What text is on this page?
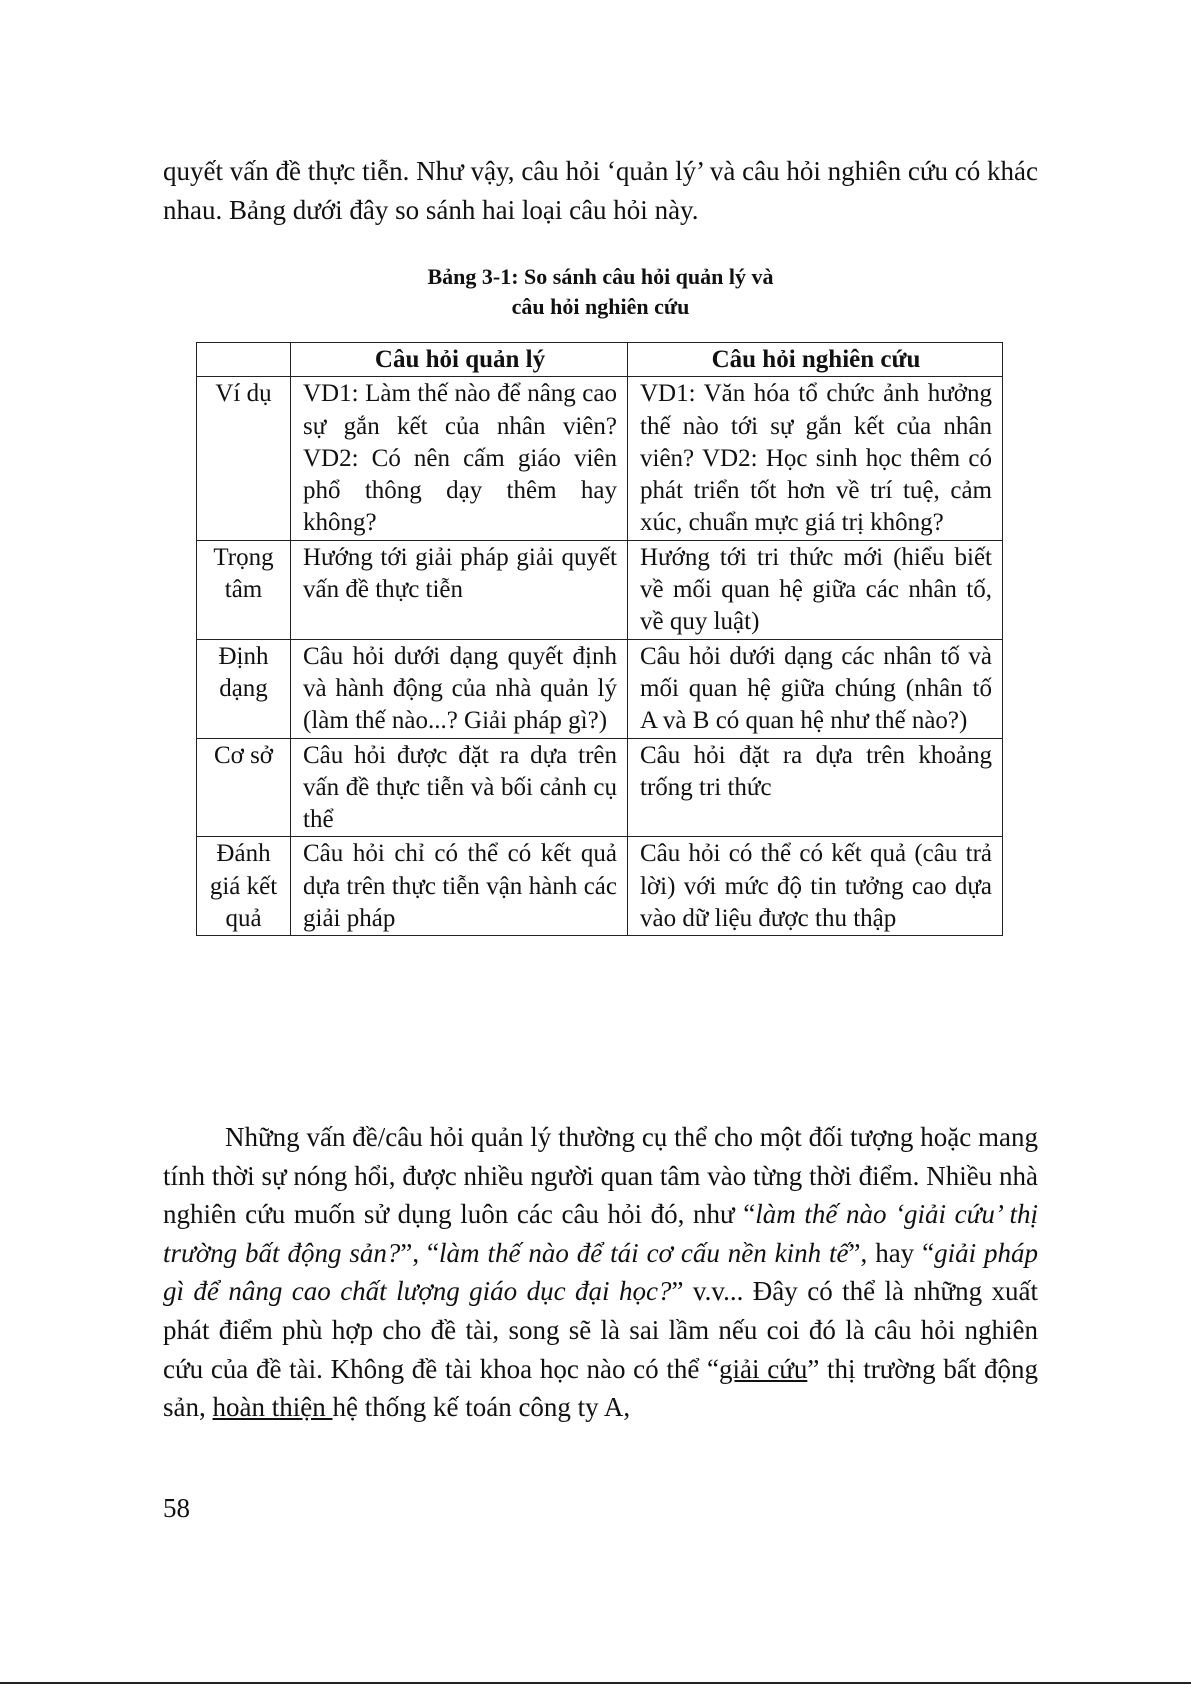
quyết vấn đề thực tiễn. Như vậy, câu hỏi ‘quản lý’ và câu hỏi nghiên cứu có khác nhau. Bảng dưới đây so sánh hai loại câu hỏi này.

Bảng 3-1: So sánh câu hỏi quản lý và
câu hỏi nghiên cứu
	Câu hỏi quản lý	Câu hỏi nghiên cứu
Ví dụ	VD1: Làm thế nào để nâng cao sự gắn kết của nhân viên? VD2: Có nên cấm giáo viên phổ thông dạy thêm hay không?	VD1: Văn hóa tổ chức ảnh hưởng thế nào tới sự gắn kết của nhân viên? VD2: Học sinh học thêm có phát triển tốt hơn về trí tuệ, cảm xúc, chuẩn mực giá trị không?
Trọng tâm	Hướng tới giải pháp giải quyết vấn đề thực tiễn	Hướng tới tri thức mới (hiểu biết về mối quan hệ giữa các nhân tố, về quy luật)
Định dạng	Câu hỏi dưới dạng quyết định và hành động của nhà quản lý (làm thế nào...? Giải pháp gì?)	Câu hỏi dưới dạng các nhân tố và mối quan hệ giữa chúng (nhân tố A và B có quan hệ như thế nào?)
Cơ sở	Câu hỏi được đặt ra dựa trên vấn đề thực tiễn và bối cảnh cụ thể	Câu hỏi đặt ra dựa trên khoảng trống tri thức
Đánh giá kết quả	Câu hỏi chỉ có thể có kết quả dựa trên thực tiễn vận hành các giải pháp	Câu hỏi có thể có kết quả (câu trả lời) với mức độ tin tưởng cao dựa vào dữ liệu được thu thập

Những vấn đề/câu hỏi quản lý thường cụ thể cho một đối tượng hoặc mang tính thời sự nóng hổi, được nhiều người quan tâm vào từng thời điểm. Nhiều nhà nghiên cứu muốn sử dụng luôn các câu hỏi đó, như “làm thế nào ‘giải cứu’ thị trường bất động sản?”, “làm thế nào để tái cơ cấu nền kinh tế”, hay “giải pháp gì để nâng cao chất lượng giáo dục đại học?” v.v... Đây có thể là những xuất phát điểm phù hợp cho đề tài, song sẽ là sai lầm nếu coi đó là câu hỏi nghiên cứu của đề tài. Không đề tài khoa học nào có thể “giải cứu” thị trường bất động sản, hoàn thiện hệ thống kế toán công ty A,

58
